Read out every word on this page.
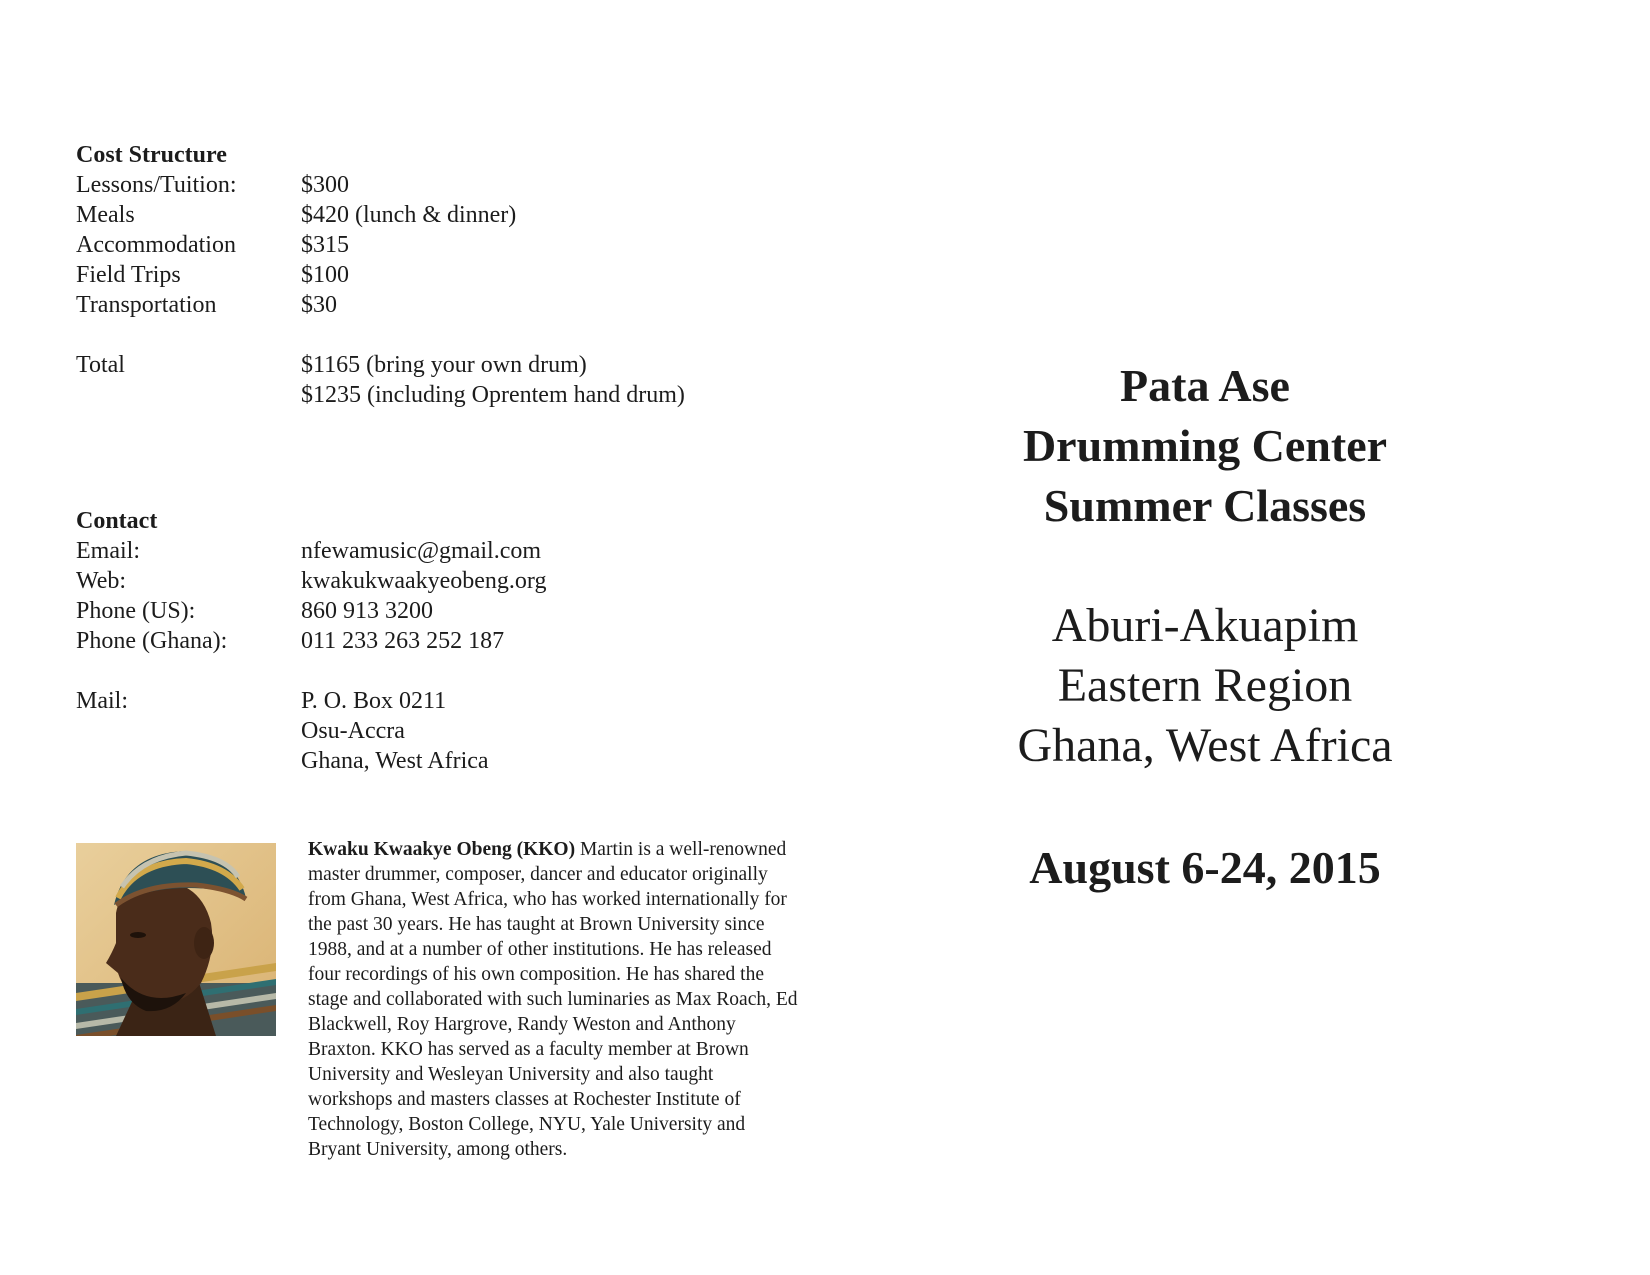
Cost Structure
Lessons/Tuition:	$300
Meals	$420 (lunch & dinner)
Accommodation	$315
Field Trips	$100
Transportation	$30
Total	$1165 (bring your own drum)
$1235 (including Oprentem hand drum)
Contact
Email:	nfewamusic@gmail.com
Web:	kwakukwaakyeobeng.org
Phone (US):	860 913 3200
Phone (Ghana):	011 233 263 252 187
Mail:	P. O. Box 0211
Osu-Accra
Ghana, West Africa
Kwaku Kwaakye Obeng (KKO) Martin is a well-renowned master drummer, composer, dancer and educator originally from Ghana, West Africa, who has worked internationally for the past 30 years. He has taught at Brown University since 1988, and at a number of other institutions. He has released four recordings of his own composition. He has shared the stage and collaborated with such luminaries as Max Roach, Ed Blackwell, Roy Hargrove, Randy Weston and Anthony Braxton. KKO has served as a faculty member at Brown University and Wesleyan University and also taught workshops and masters classes at Rochester Institute of Technology, Boston College, NYU, Yale University and Bryant University, among others.
Pata Ase
Drumming Center
Summer Classes
Aburi-Akuapim
Eastern Region
Ghana, West Africa
August 6-24, 2015
